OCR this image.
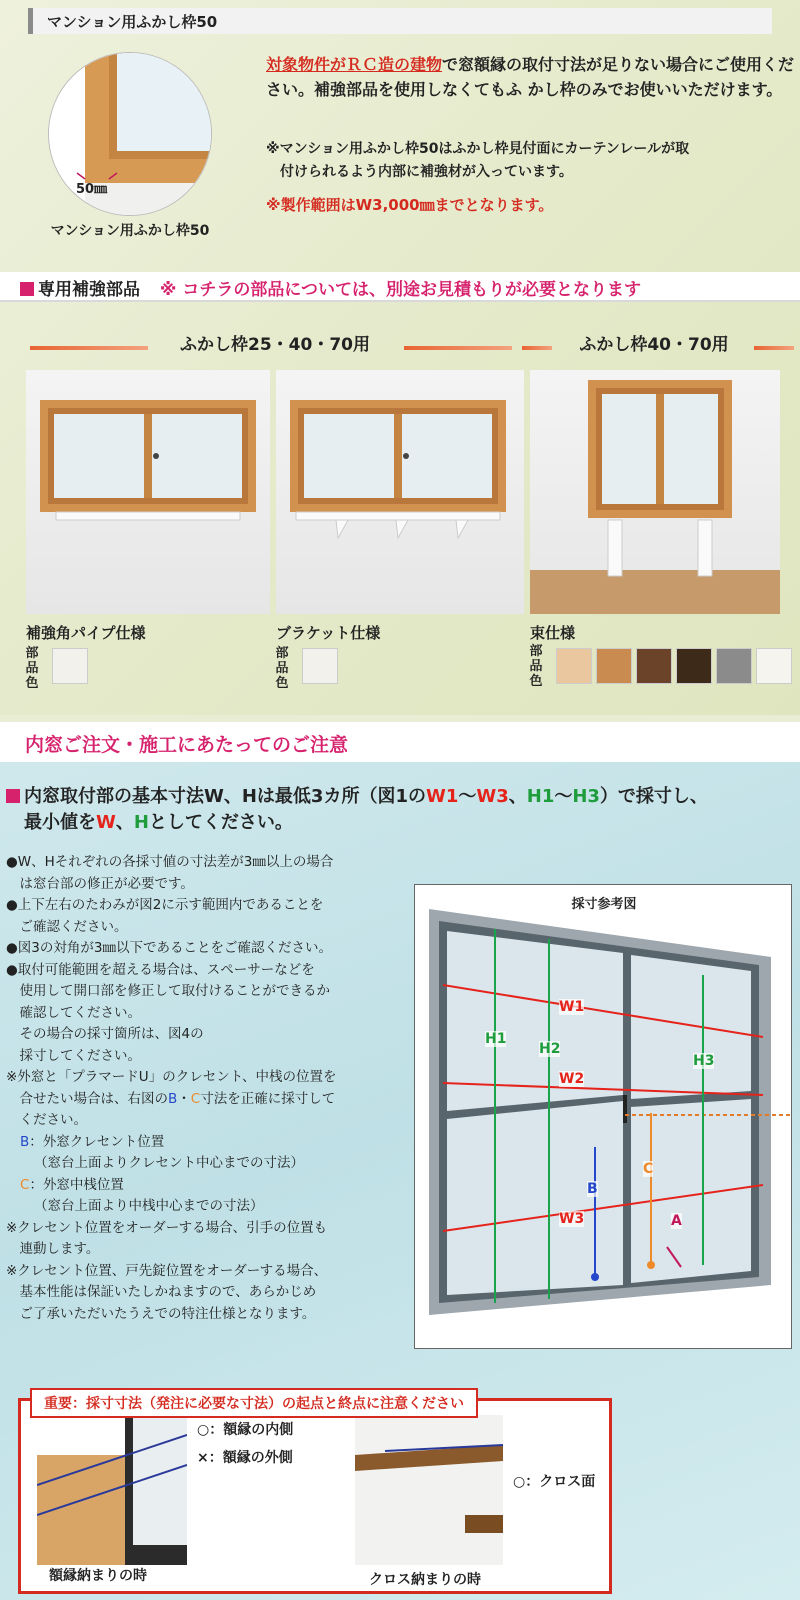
マンション用ふかし枠50
50㎜
マンション用ふかし枠50
対象物件がＲＣ造の建物で窓額縁の取付寸法が足りない場合にご使用ください。補強部品を使用しなくてもふ かし枠のみでお使いいただけます。
※マンション用ふかし枠50はふかし枠見付面にカーテンレールが取
付けられるよう内部に補強材が入っています。
※製作範囲はW3,000㎜までとなります。
専用補強部品 ※ コチラの部品については、別途お見積もりが必要となります
ふかし枠25・40・70用	ふかし枠40・70用
補強角パイプ仕様
部品色
ブラケット仕様
部品色
束仕様
部品色
内窓ご注文・施工にあたってのご注意
内窓取付部の基本寸法W、Hは最低3カ所（図1のW1〜W3、H1〜H3）で採寸し、
最小値をW、Hとしてください。

●W、Hそれぞれの各採寸値の寸法差が3㎜以上の場合

　は窓台部の修正が必要です。

●上下左右のたわみが図2に示す範囲内であることを

　ご確認ください。

●図3の対角が3㎜以下であることをご確認ください。

●取付可能範囲を超える場合は、スペーサーなどを

　使用して開口部を修正して取付けることができるか

　確認してください。

　その場合の採寸箇所は、図4の

　採寸してください。

※外窓と「プラマードU」のクレセント、中桟の位置を

　合せたい場合は、右図のB・C寸法を正確に採寸して

　ください。

B：外窓クレセント位置

（窓台上面よりクレセント中心までの寸法）

C：外窓中桟位置

（窓台上面より中桟中心までの寸法）

※クレセント位置をオーダーする場合、引手の位置も

　連動します。

※クレセント位置、戸先錠位置をオーダーする場合、

　基本性能は保証いたしかねますので、あらかじめ

　ご了承いただいたうえでの特注仕様となります。

採寸参考図
W1
W2
W3
H1
H2
H3
B
C
A
○：額縁の内側
×：額縁の外側
○：クロス面
額縁納まりの時	クロス納まりの時
重要：採寸寸法（発注に必要な寸法）の起点と終点に注意ください
